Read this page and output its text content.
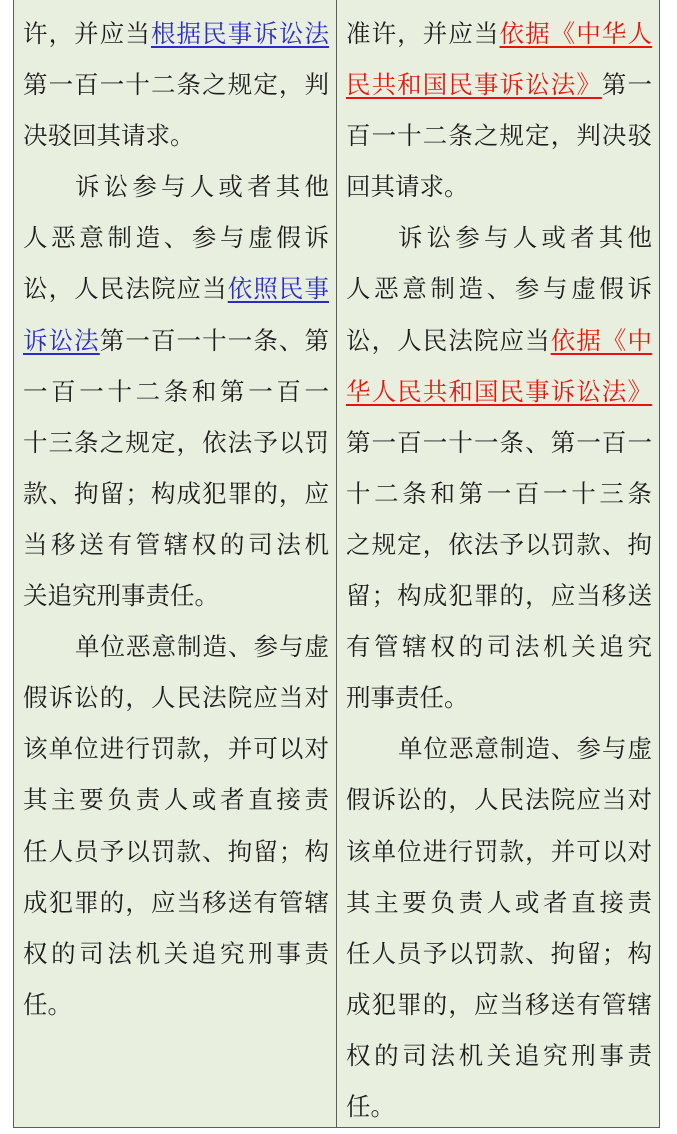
许，并应当根据民事诉讼法
第一百一十二条之规定，判
决驳回其请求。
诉讼参与人或者其他
人恶意制造、参与虚假诉
讼，人民法院应当依照民事
诉讼法第一百一十一条、第
一百一十二条和第一百一
十三条之规定，依法予以罚
款、拘留；构成犯罪的，应
当移送有管辖权的司法机
关追究刑事责任。
单位恶意制造、参与虚
假诉讼的，人民法院应当对
该单位进行罚款，并可以对
其主要负责人或者直接责
任人员予以罚款、拘留；构
成犯罪的，应当移送有管辖
权的司法机关追究刑事责
任。
准许，并应当依据《中华人
民共和国民事诉讼法》第一
百一十二条之规定，判决驳
回其请求。
诉讼参与人或者其他
人恶意制造、参与虚假诉
讼，人民法院应当依据《中
华人民共和国民事诉讼法》
第一百一十一条、第一百一
十二条和第一百一十三条
之规定，依法予以罚款、拘
留；构成犯罪的，应当移送
有管辖权的司法机关追究
刑事责任。
单位恶意制造、参与虚
假诉讼的，人民法院应当对
该单位进行罚款，并可以对
其主要负责人或者直接责
任人员予以罚款、拘留；构
成犯罪的，应当移送有管辖
权的司法机关追究刑事责
任。
